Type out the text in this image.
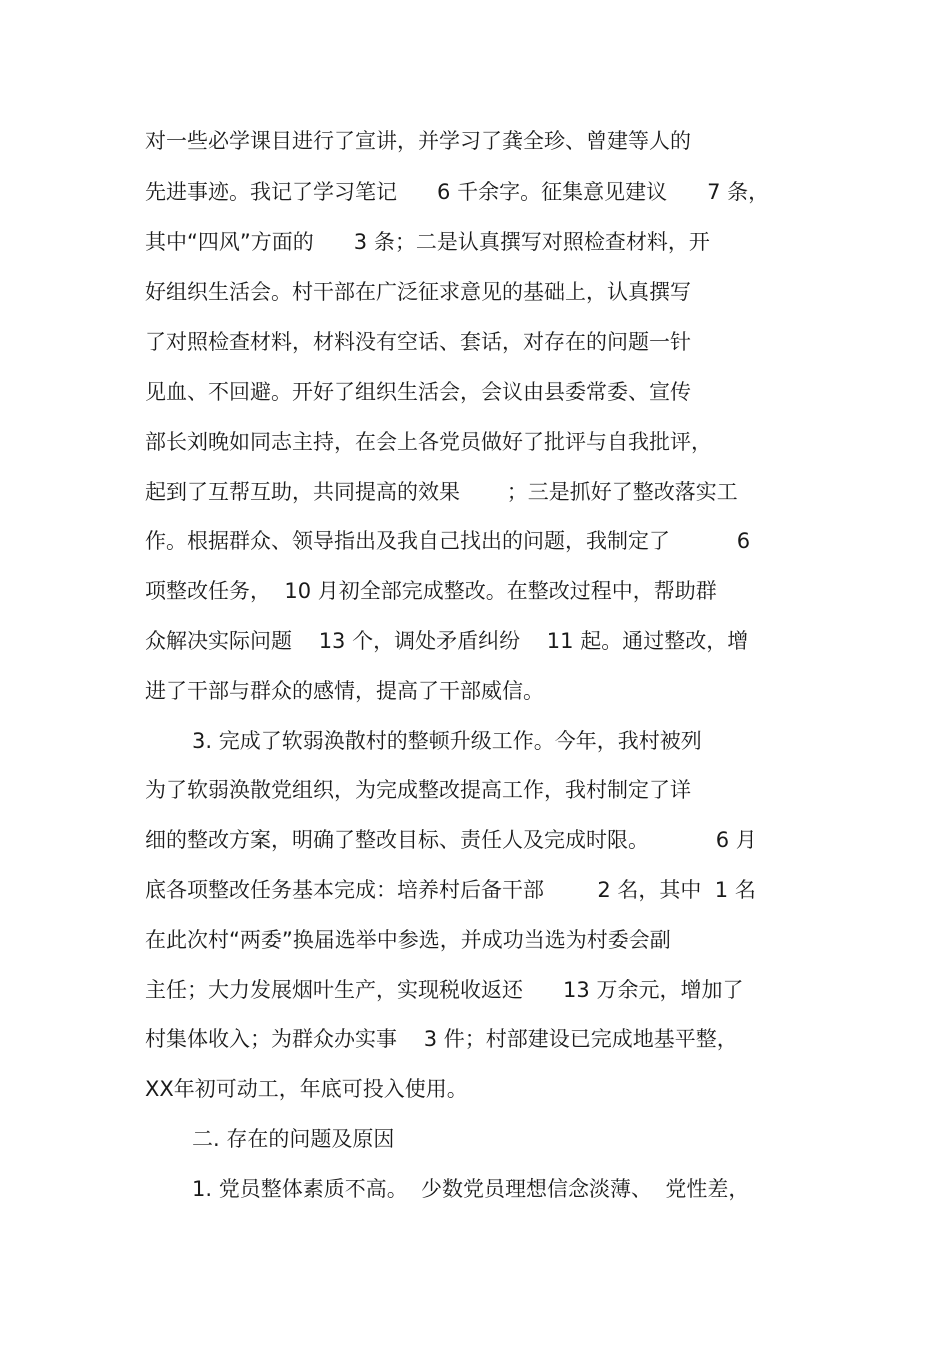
对一些必学课目进行了宣讲，并学习了龚全珍、曾建等人的
先进事迹。我记了学习笔记      6 千余字。征集意见建议      7 条，
其中“四风”方面的      3 条；二是认真撰写对照检查材料，开
好组织生活会。村干部在广泛征求意见的基础上，认真撰写
了对照检查材料，材料没有空话、套话，对存在的问题一针
见血、不回避。开好了组织生活会，会议由县委常委、宣传
部长刘晚如同志主持，在会上各党员做好了批评与自我批评，
起到了互帮互助，共同提高的效果       ；三是抓好了整改落实工
作。根据群众、领导指出及我自己找出的问题，我制定了          6
项整改任务，  10 月初全部完成整改。在整改过程中，帮助群
众解决实际问题    13 个，调处矛盾纠纷    11 起。通过整改，增
进了干部与群众的感情，提高了干部威信。
3. 完成了软弱涣散村的整顿升级工作。今年，我村被列
为了软弱涣散党组织，为完成整改提高工作，我村制定了详
细的整改方案，明确了整改目标、责任人及完成时限。          6 月
底各项整改任务基本完成：培养村后备干部        2 名，其中  1 名
在此次村“两委”换届选举中参选，并成功当选为村委会副
主任；大力发展烟叶生产，实现税收返还      13 万余元，增加了
村集体收入；为群众办实事    3 件；村部建设已完成地基平整，
XX年初可动工，年底可投入使用。
二. 存在的问题及原因
1. 党员整体素质不高。  少数党员理想信念淡薄、  党性差，
